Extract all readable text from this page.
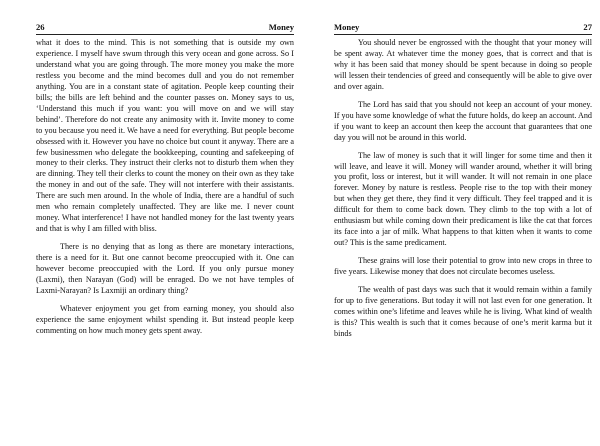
26	Money

what it does to the mind. This is not something that is outside my own experience. I myself have swum through this very ocean and gone across. So I understand what you are going through. The more money you make the more restless you become and the mind becomes dull and you do not remember anything. You are in a constant state of agitation. People keep counting their bills; the bills are left behind and the counter passes on. Money says to us, ‘Understand this much if you want: you will move on and we will stay behind’. Therefore do not create any animosity with it. Invite money to come to you because you need it. We have a need for everything. But people become obsessed with it. However you have no choice but count it anyway. There are a few businessmen who delegate the bookkeeping, counting and safekeeping of money to their clerks. They instruct their clerks not to disturb them when they are dinning. They tell their clerks to count the money on their own as they take the money in and out of the safe. They will not interfere with their assistants. There are such men around. In the whole of India, there are a handful of such men who remain completely unaffected. They are like me. I never count money. What interference! I have not handled money for the last twenty years and that is why I am filled with bliss.

There is no denying that as long as there are monetary interactions, there is a need for it. But one cannot become preoccupied with it. One can however become preoccupied with the Lord. If you only pursue money (Laxmi), then Narayan (God) will be enraged. Do we not have temples of Laxmi-Narayan? Is Laxmiji an ordinary thing?

Whatever enjoyment you get from earning money, you should also experience the same enjoyment whilst spending it. But instead people keep commenting on how much money gets spent away.

Money	27

You should never be engrossed with the thought that your money will be spent away. At whatever time the money goes, that is correct and that is why it has been said that money should be spent because in doing so people will lessen their tendencies of greed and consequently will be able to give over and over again.

The Lord has said that you should not keep an account of your money. If you have some knowledge of what the future holds, do keep an account. And if you want to keep an account then keep the account that guarantees that one day you will not be around in this world.

The law of money is such that it will linger for some time and then it will leave, and leave it will. Money will wander around, whether it will bring you profit, loss or interest, but it will wander. It will not remain in one place forever. Money by nature is restless. People rise to the top with their money but when they get there, they find it very difficult. They feel trapped and it is difficult for them to come back down. They climb to the top with a lot of enthusiasm but while coming down their predicament is like the cat that forces its face into a jar of milk. What happens to that kitten when it wants to come out? This is the same predicament.

These grains will lose their potential to grow into new crops in three to five years. Likewise money that does not circulate becomes useless.

The wealth of past days was such that it would remain within a family for up to five generations. But today it will not last even for one generation. It comes within one’s lifetime and leaves while he is living. What kind of wealth is this? This wealth is such that it comes because of one’s merit karma but it binds
